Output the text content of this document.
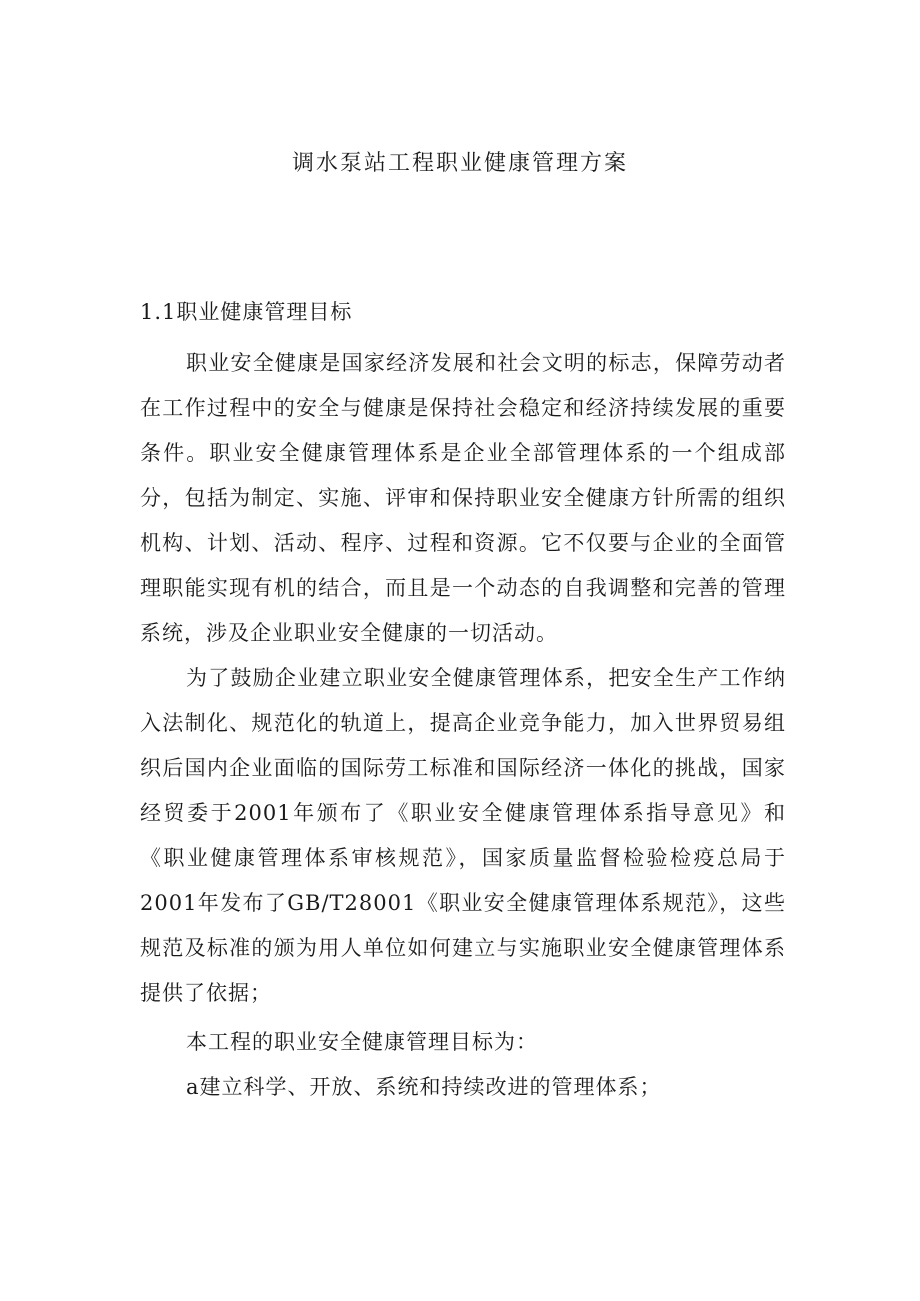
调水泵站工程职业健康管理方案
1.1职业健康管理目标

职业安全健康是国家经济发展和社会文明的标志，保障劳动者在工作过程中的安全与健康是保持社会稳定和经济持续发展的重要条件。职业安全健康管理体系是企业全部管理体系的一个组成部分，包括为制定、实施、评审和保持职业安全健康方针所需的组织机构、计划、活动、程序、过程和资源。它不仅要与企业的全面管理职能实现有机的结合，而且是一个动态的自我调整和完善的管理系统，涉及企业职业安全健康的一切活动。

为了鼓励企业建立职业安全健康管理体系，把安全生产工作纳入法制化、规范化的轨道上，提高企业竞争能力，加入世界贸易组织后国内企业面临的国际劳工标准和国际经济一体化的挑战，国家经贸委于2001年颁布了《职业安全健康管理体系指导意见》和《职业健康管理体系审核规范》，国家质量监督检验检疫总局于2001年发布了GB/T28001《职业安全健康管理体系规范》，这些规范及标准的颁为用人单位如何建立与实施职业安全健康管理体系提供了依据；

本工程的职业安全健康管理目标为：

a建立科学、开放、系统和持续改进的管理体系；
